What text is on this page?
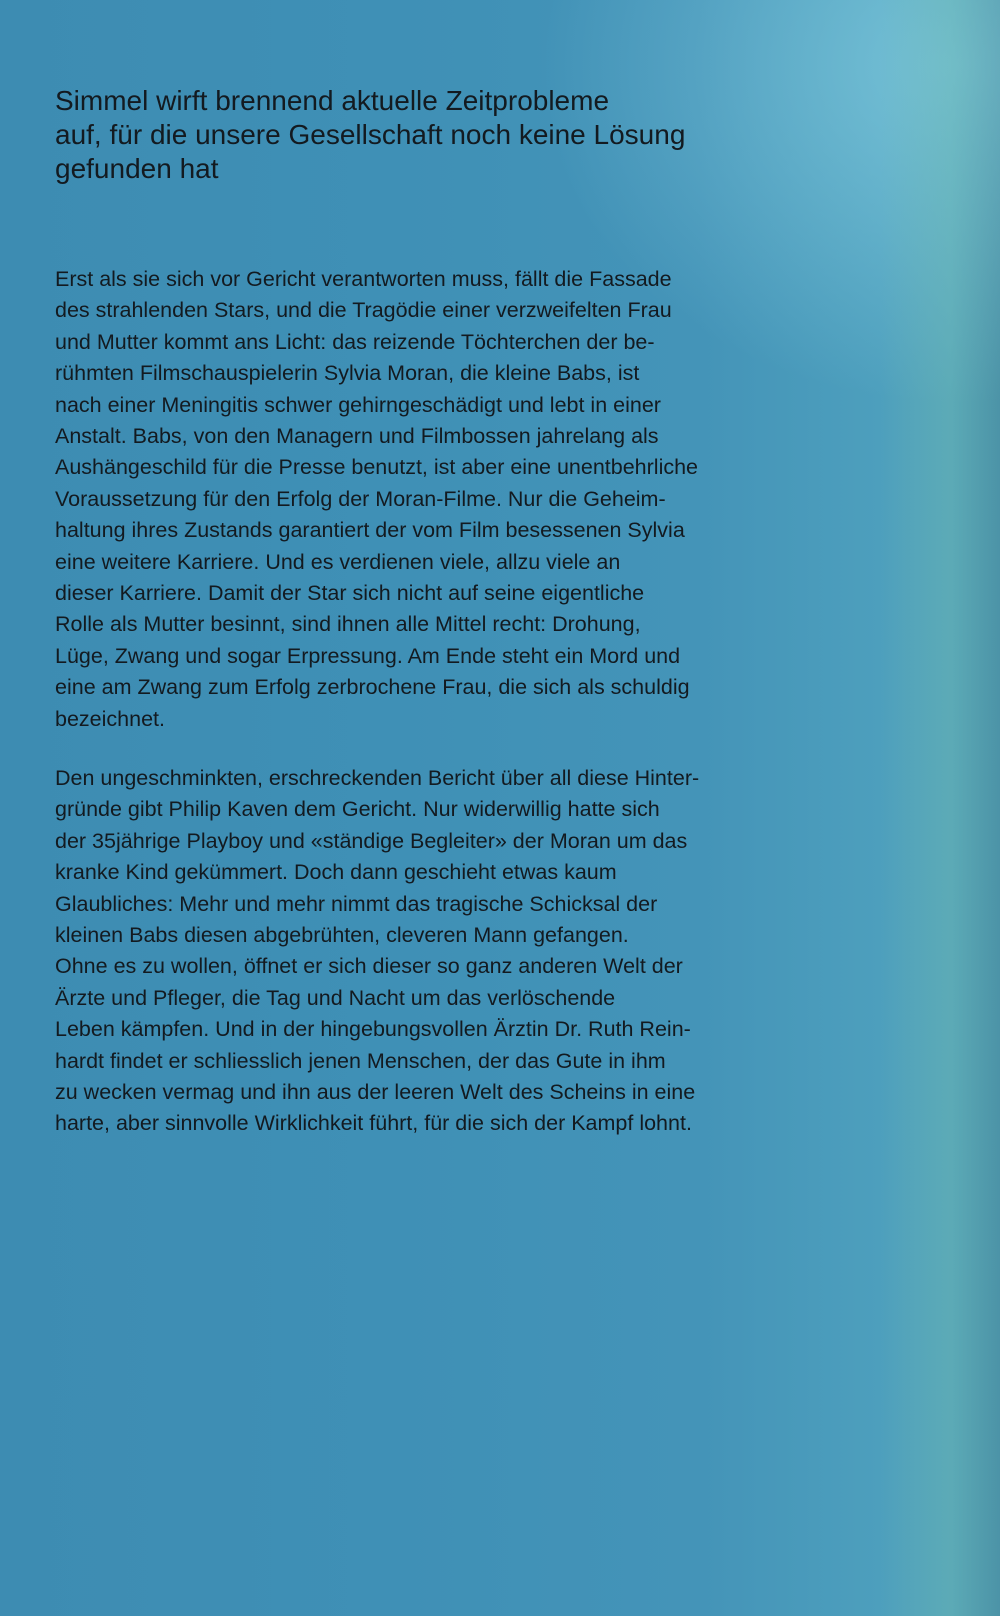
Simmel wirft brennend aktuelle Zeitprobleme
auf, für die unsere Gesellschaft noch keine Lösung
gefunden hat

Erst als sie sich vor Gericht verantworten muss, fällt die Fassade
des strahlenden Stars, und die Tragödie einer verzweifelten Frau
und Mutter kommt ans Licht: das reizende Töchterchen der be-
rühmten Filmschauspielerin Sylvia Moran, die kleine Babs, ist
nach einer Meningitis schwer gehirngeschädigt und lebt in einer
Anstalt. Babs, von den Managern und Filmbossen jahrelang als
Aushängeschild für die Presse benutzt, ist aber eine unentbehrliche
Voraussetzung für den Erfolg der Moran-Filme. Nur die Geheim-
haltung ihres Zustands garantiert der vom Film besessenen Sylvia
eine weitere Karriere. Und es verdienen viele, allzu viele an
dieser Karriere. Damit der Star sich nicht auf seine eigentliche
Rolle als Mutter besinnt, sind ihnen alle Mittel recht: Drohung,
Lüge, Zwang und sogar Erpressung. Am Ende steht ein Mord und
eine am Zwang zum Erfolg zerbrochene Frau, die sich als schuldig
bezeichnet.

Den ungeschminkten, erschreckenden Bericht über all diese Hinter-
gründe gibt Philip Kaven dem Gericht. Nur widerwillig hatte sich
der 35jährige Playboy und «ständige Begleiter» der Moran um das
kranke Kind gekümmert. Doch dann geschieht etwas kaum
Glaubliches: Mehr und mehr nimmt das tragische Schicksal der
kleinen Babs diesen abgebrühten, cleveren Mann gefangen.
Ohne es zu wollen, öffnet er sich dieser so ganz anderen Welt der
Ärzte und Pfleger, die Tag und Nacht um das verlöschende
Leben kämpfen. Und in der hingebungsvollen Ärztin Dr. Ruth Rein-
hardt findet er schliesslich jenen Menschen, der das Gute in ihm
zu wecken vermag und ihn aus der leeren Welt des Scheins in eine
harte, aber sinnvolle Wirklichkeit führt, für die sich der Kampf lohnt.
